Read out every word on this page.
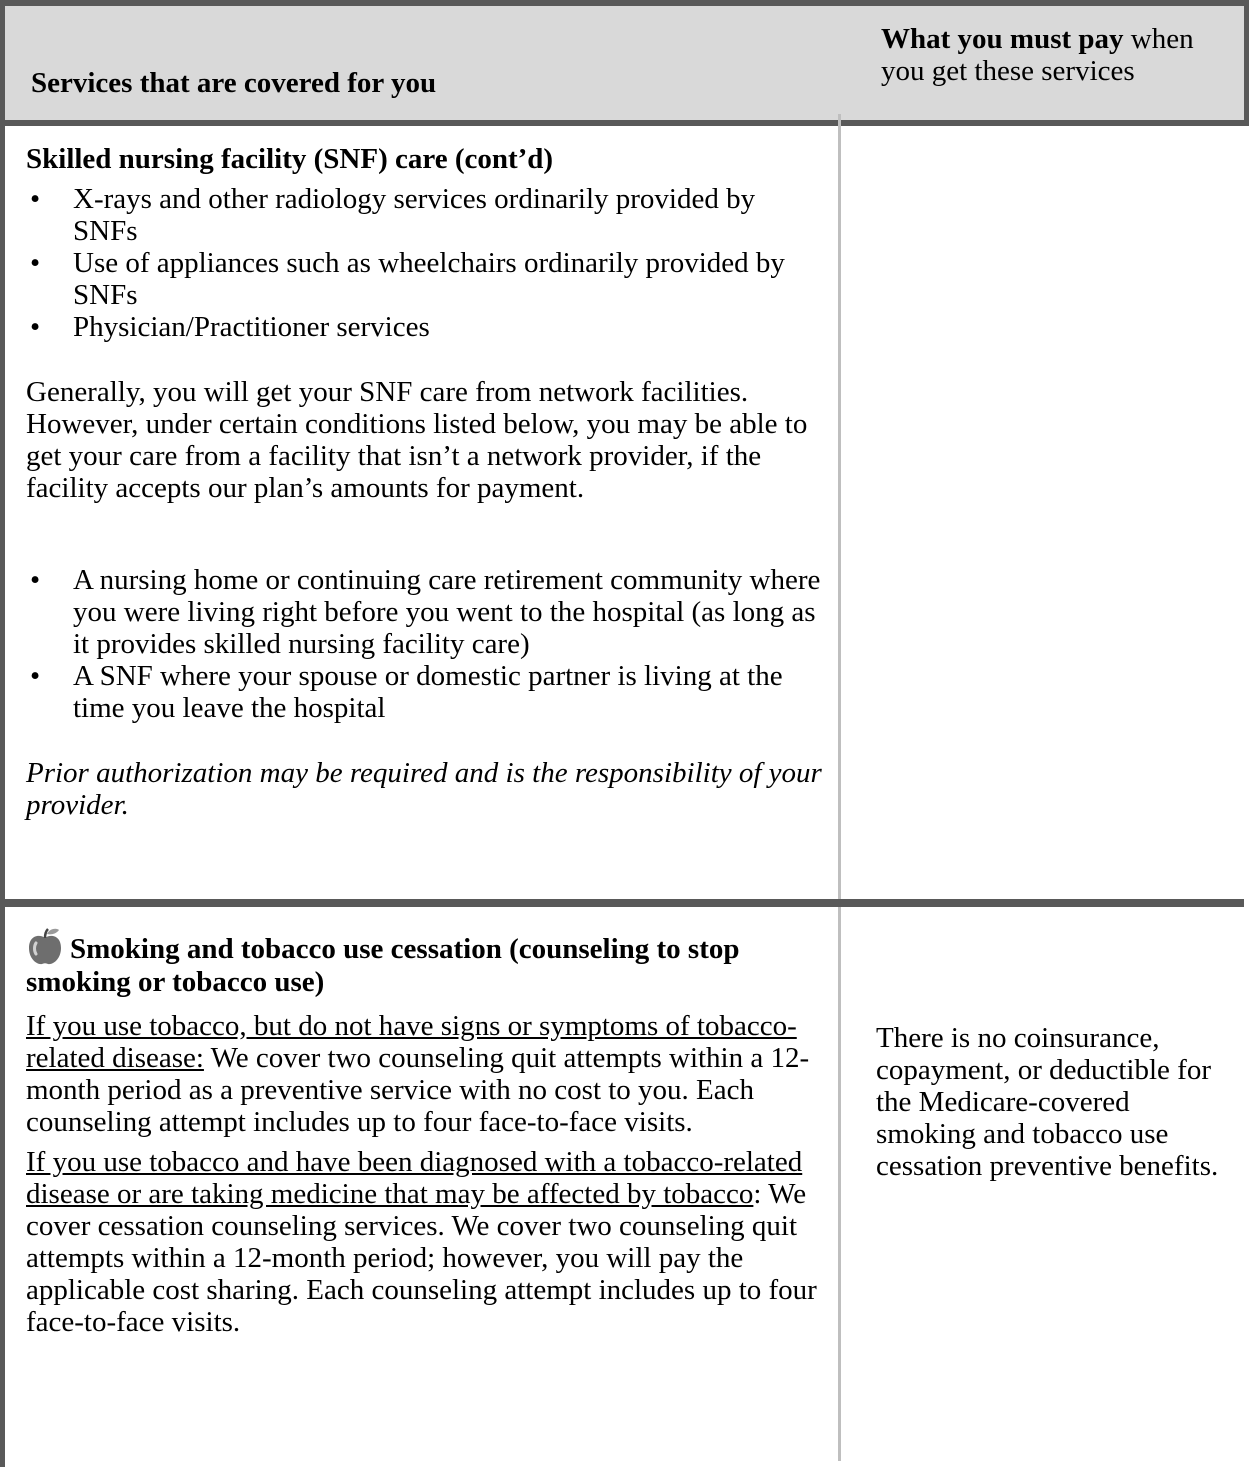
Services that are covered for you
What you must pay when you get these services

Skilled nursing facility (SNF) care (cont’d)

• X-rays and other radiology services ordinarily provided by SNFs
• Use of appliances such as wheelchairs ordinarily provided by SNFs
• Physician/Practitioner services

Generally, you will get your SNF care from network facilities. However, under certain conditions listed below, you may be able to get your care from a facility that isn’t a network provider, if the facility accepts our plan’s amounts for payment.

• A nursing home or continuing care retirement community where you were living right before you went to the hospital (as long as it provides skilled nursing facility care)
• A SNF where your spouse or domestic partner is living at the time you leave the hospital

Prior authorization may be required and is the responsibility of your provider.

Smoking and tobacco use cessation (counseling to stop smoking or tobacco use)

If you use tobacco, but do not have signs or symptoms of tobacco-related disease: We cover two counseling quit attempts within a 12-month period as a preventive service with no cost to you. Each counseling attempt includes up to four face-to-face visits.

If you use tobacco and have been diagnosed with a tobacco-related disease or are taking medicine that may be affected by tobacco: We cover cessation counseling services. We cover two counseling quit attempts within a 12-month period; however, you will pay the applicable cost sharing. Each counseling attempt includes up to four face-to-face visits.

There is no coinsurance, copayment, or deductible for the Medicare-covered smoking and tobacco use cessation preventive benefits.
